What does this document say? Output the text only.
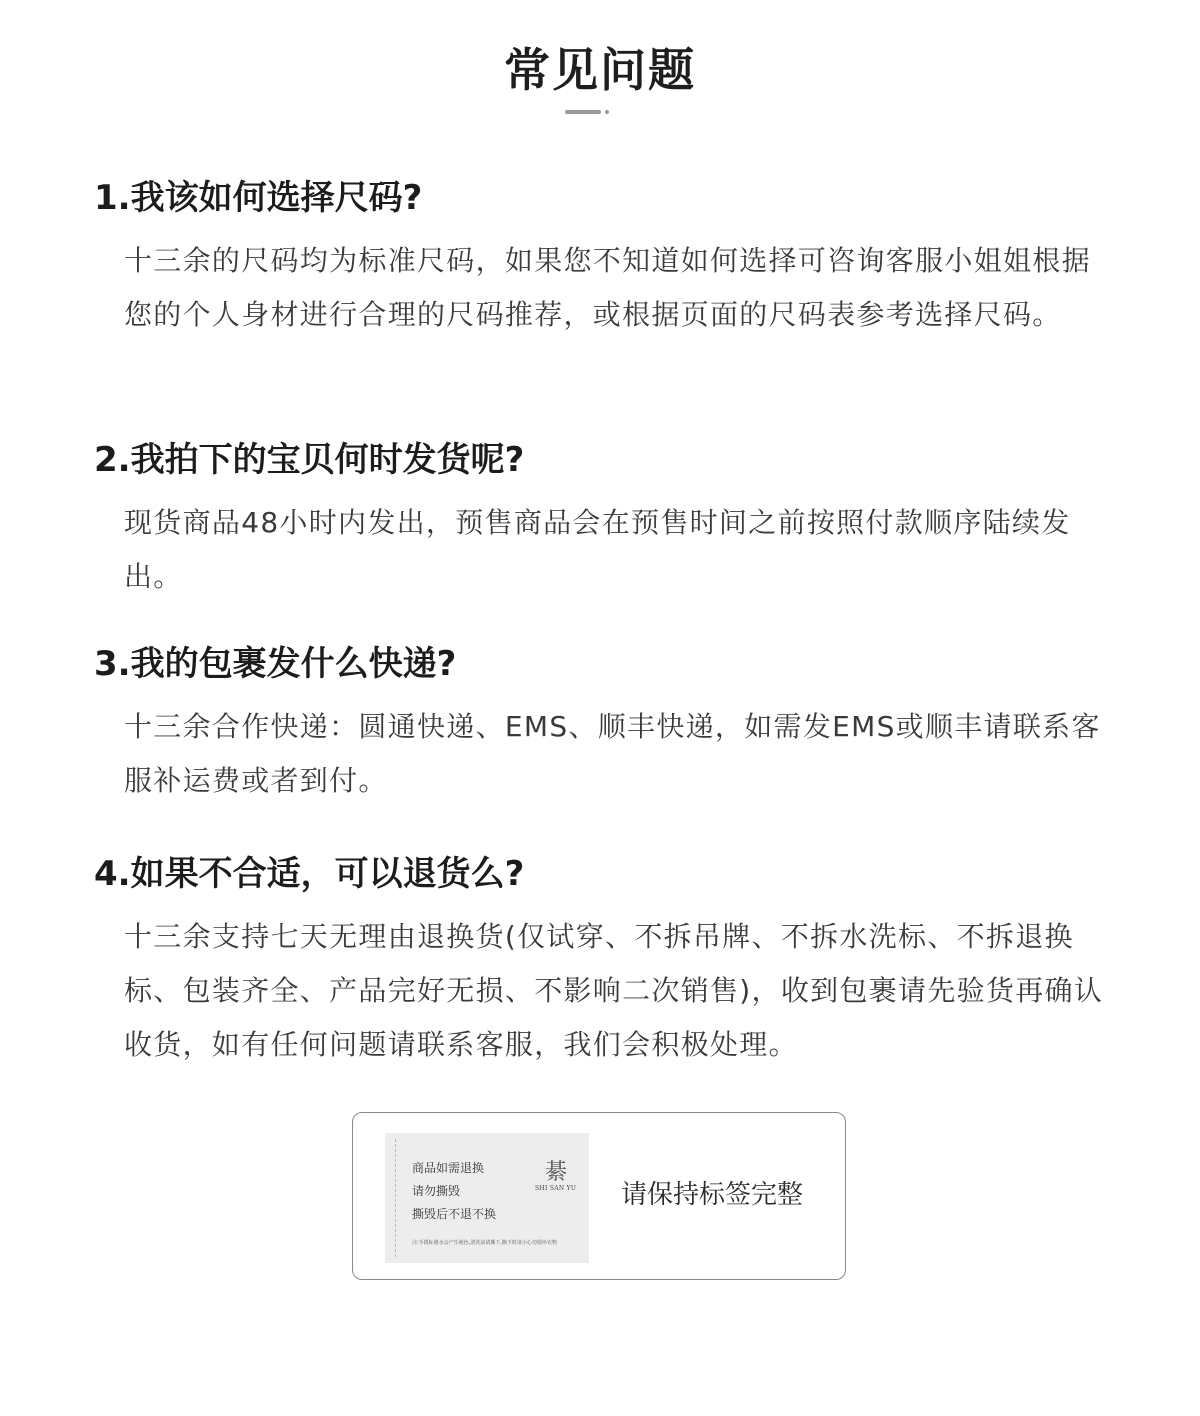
常见问题
1.我该如何选择尺码?

十三余的尺码均为标准尺码，如果您不知道如何选择可咨询客服小姐姐根据您的个人身材进行合理的尺码推荐，或根据页面的尺码表参考选择尺码。

2.我拍下的宝贝何时发货呢?

现货商品48小时内发出，预售商品会在预售时间之前按照付款顺序陆续发出。

3.我的包裹发什么快递?

十三余合作快递：圆通快递、EMS、顺丰快递，如需发EMS或顺丰请联系客服补运费或者到付。

4.如果不合适，可以退货么?

十三余支持七天无理由退换货(仅试穿、不拆吊牌、不拆水洗标、不拆退换标、包装齐全、产品完好无损、不影响二次销售)，收到包裹请先验货再确认收货，如有任何问题请联系客服，我们会积极处理。

商品如需退换
请勿撕毁
撕毁后不退不换
綦
SHI SAN YU
注:手摸标遇水会产生褪色,清洗前请撕下,撕下时请小心勿损坏衣物
请保持标签完整
